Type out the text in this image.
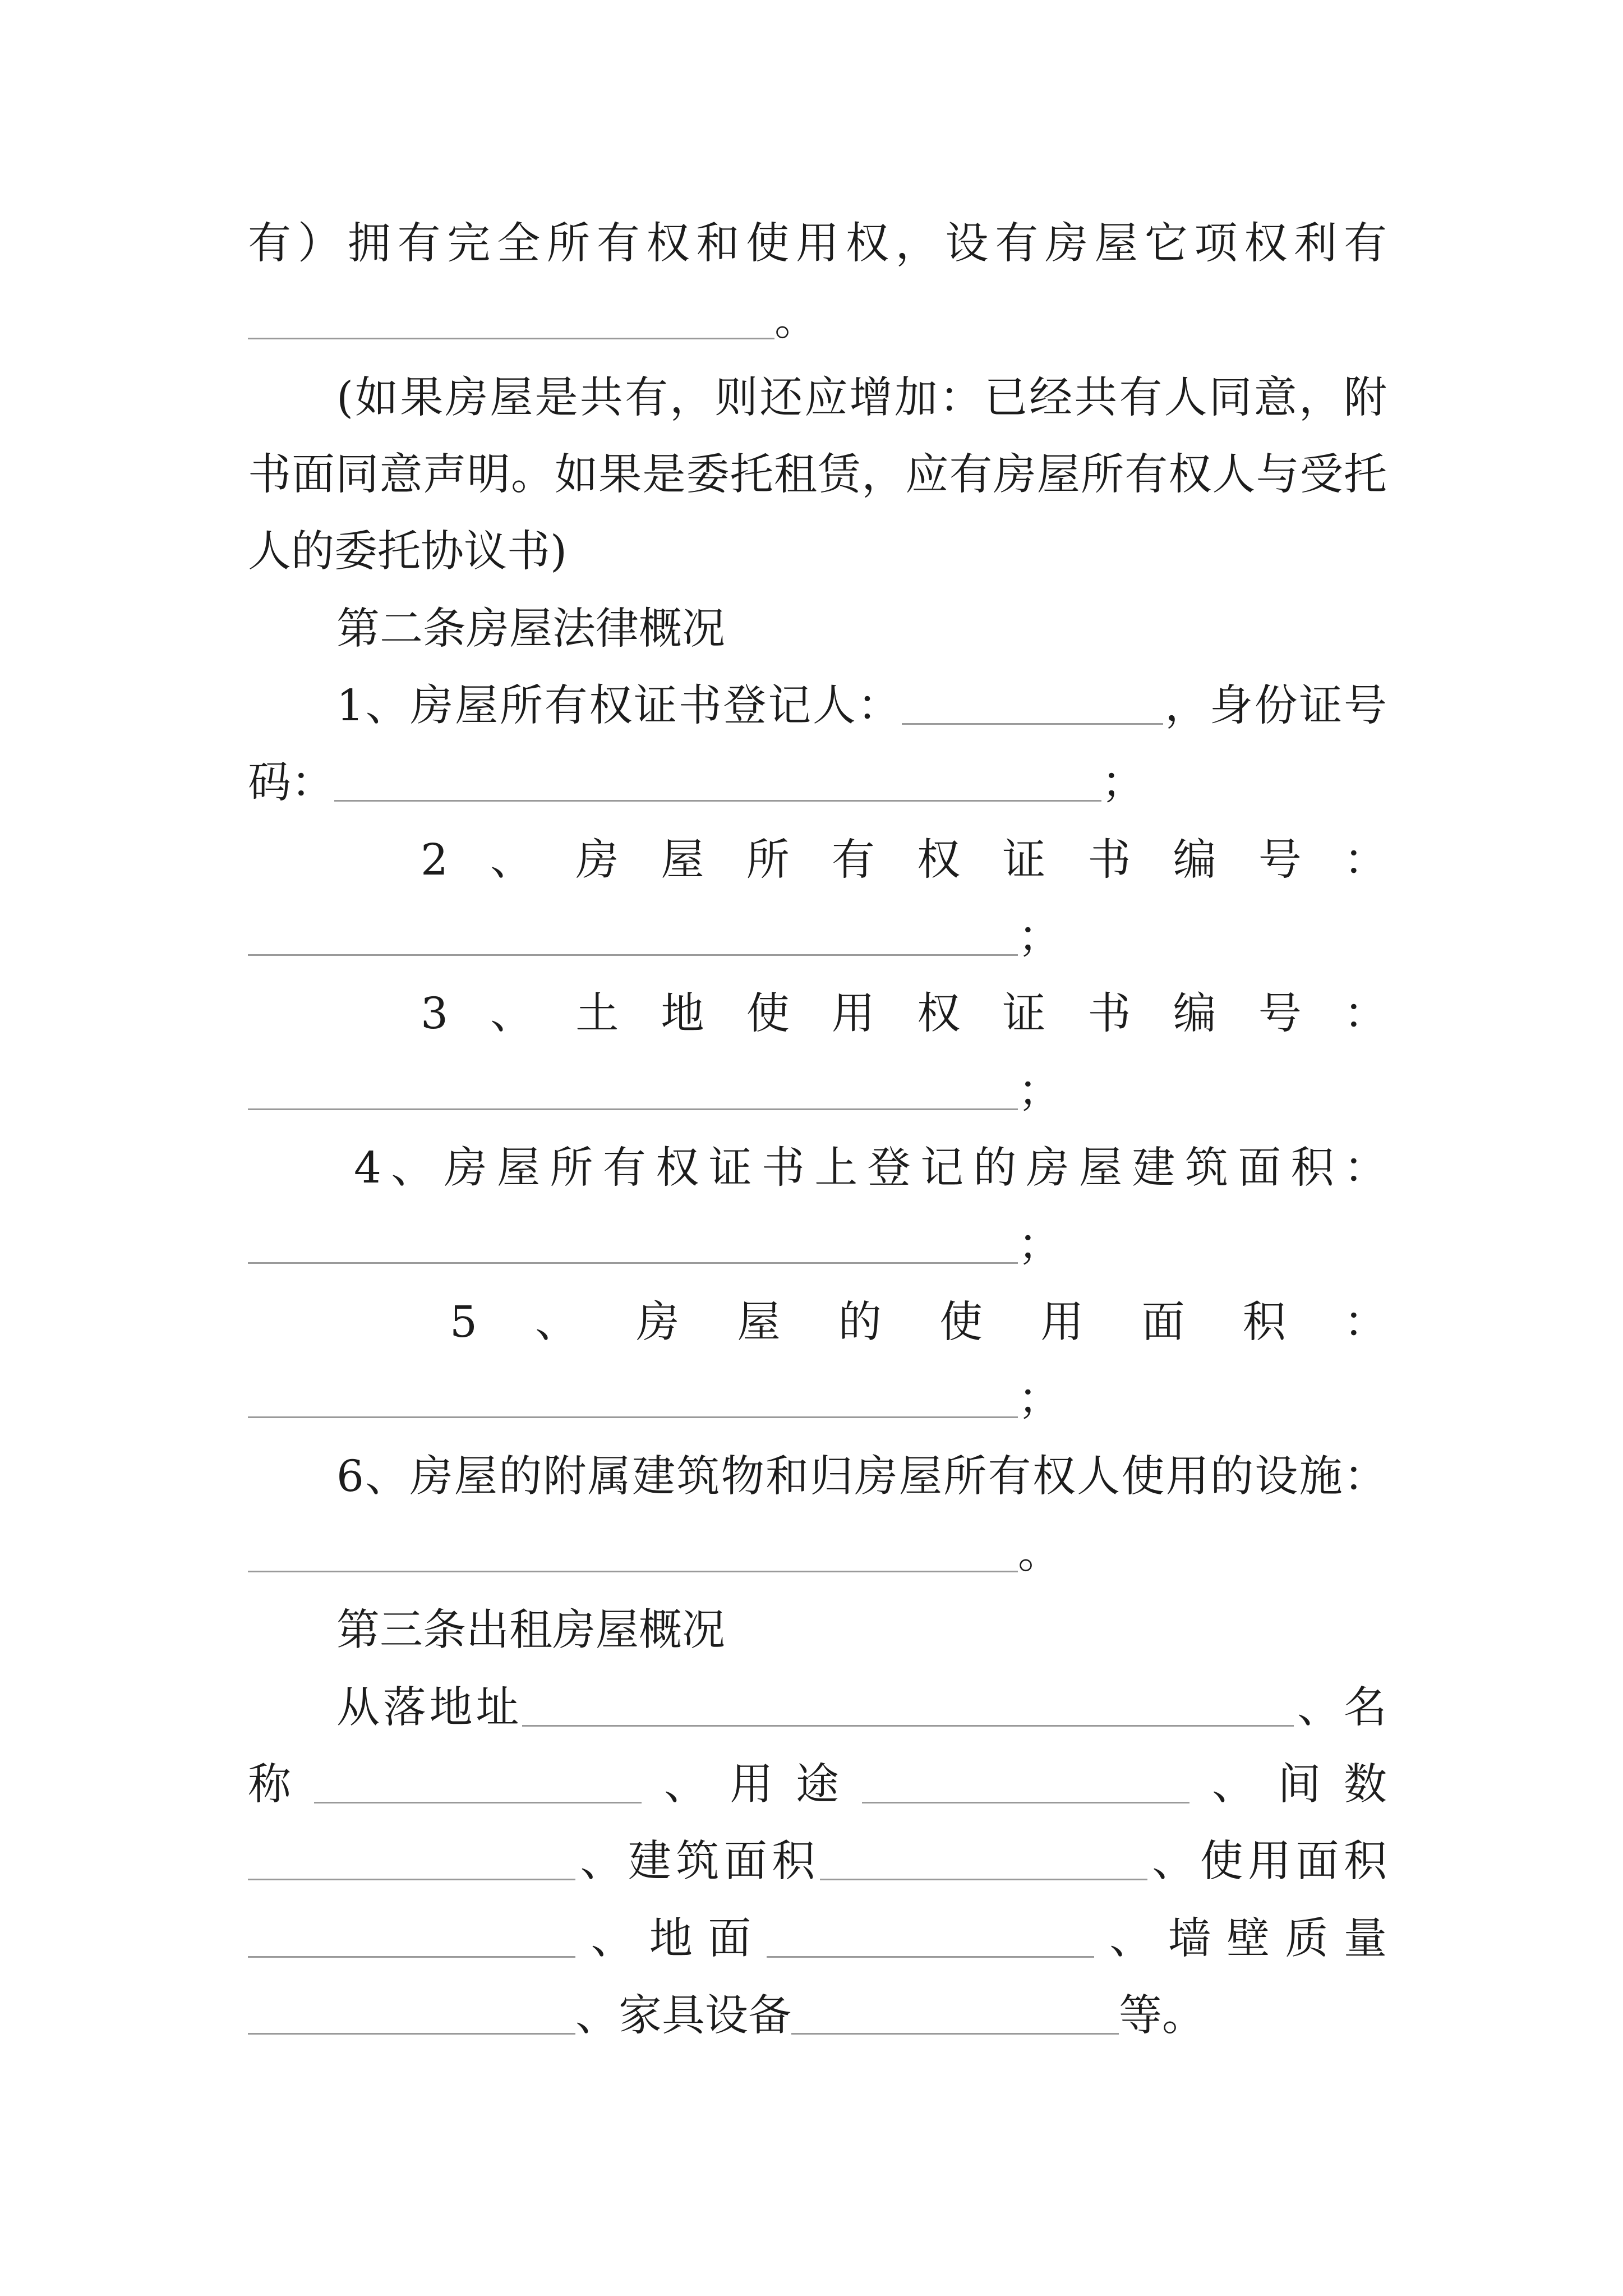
有）拥有完全所有权和使用权，设有房屋它项权利有
。
(如果房屋是共有，则还应增加：已经共有人同意，附
书面同意声明。如果是委托租赁，应有房屋所有权人与受托
人的委托协议书)
第二条房屋法律概况
1、房屋所有权证书登记人：	，身份证号
码：	；
2、房屋所有权证书编号：
；
3、土地使用权证书编号：
；
4、房屋所有权证书上登记的房屋建筑面积：
；
5、房屋的使用面积：
；
6、房屋的附属建筑物和归房屋所有权人使用的设施：
。
第三条出租房屋概况
从落地址	、名
称	、用途	、间数
、建筑面积	、使用面积
、地面	、墙壁质量
、家具设备	等。
